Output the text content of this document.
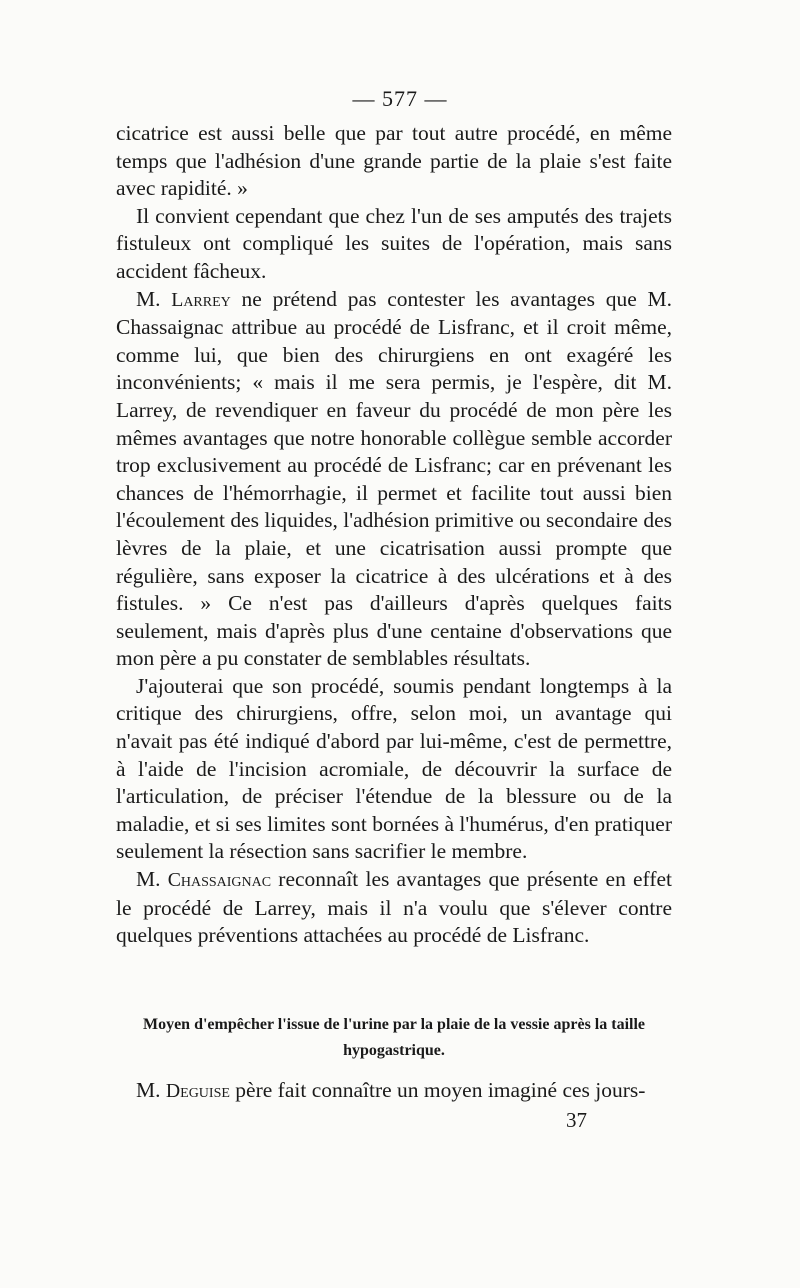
— 577 —

cicatrice est aussi belle que par tout autre procédé, en même temps que l'adhésion d'une grande partie de la plaie s'est faite avec rapidité. »

Il convient cependant que chez l'un de ses amputés des trajets fistuleux ont compliqué les suites de l'opération, mais sans accident fâcheux.

M. Larrey ne prétend pas contester les avantages que M. Chassaignac attribue au procédé de Lisfranc, et il croit même, comme lui, que bien des chirurgiens en ont exagéré les inconvénients; « mais il me sera permis, je l'espère, dit M. Larrey, de revendiquer en faveur du procédé de mon père les mêmes avantages que notre honorable collègue semble accorder trop exclusivement au procédé de Lisfranc; car en prévenant les chances de l'hémorrhagie, il permet et facilite tout aussi bien l'écoulement des liquides, l'adhésion primitive ou secondaire des lèvres de la plaie, et une cicatrisation aussi prompte que régulière, sans exposer la cicatrice à des ulcérations et à des fistules. » Ce n'est pas d'ailleurs d'après quelques faits seulement, mais d'après plus d'une centaine d'observations que mon père a pu constater de semblables résultats.

J'ajouterai que son procédé, soumis pendant longtemps à la critique des chirurgiens, offre, selon moi, un avantage qui n'avait pas été indiqué d'abord par lui-même, c'est de permettre, à l'aide de l'incision acromiale, de découvrir la surface de l'articulation, de préciser l'étendue de la blessure ou de la maladie, et si ses limites sont bornées à l'humérus, d'en pratiquer seulement la résection sans sacrifier le membre.

M. Chassaignac reconnaît les avantages que présente en effet le procédé de Larrey, mais il n'a voulu que s'élever contre quelques préventions attachées au procédé de Lisfranc.

Moyen d'empêcher l'issue de l'urine par la plaie de la vessie après la taille hypogastrique.

M. Deguise père fait connaître un moyen imaginé ces jours-

37
